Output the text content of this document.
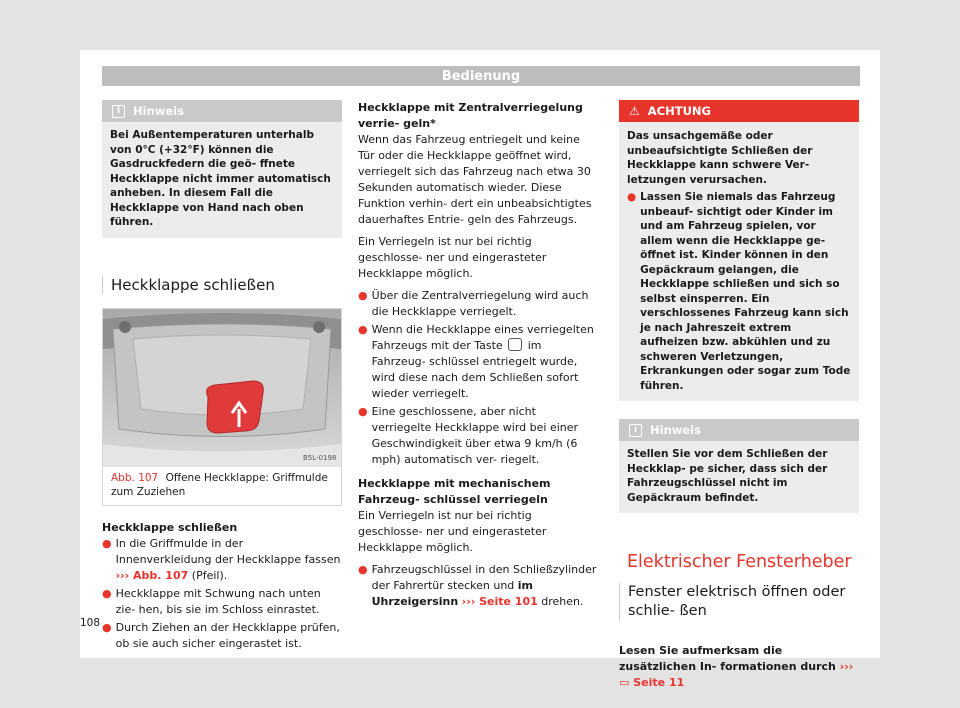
Bedienung
i	Hinweis
Bei Außentemperaturen unterhalb von 0°C (+32°F) können die Gasdruckfedern die geö- ffnete Heckklappe nicht immer automatisch anheben. In diesem Fall die Heckklappe von Hand nach oben führen.
Heckklappe schließen
B5L-0198
Abb. 107 Offene Heckklappe: Griffmulde zum Zuziehen
Heckklappe schließen
● In die Griffmulde in der Innenverkleidung der Heckklappe fassen ››› Abb. 107 (Pfeil).
● Heckklappe mit Schwung nach unten zie- hen, bis sie im Schloss einrastet.
● Durch Ziehen an der Heckklappe prüfen, ob sie auch sicher eingerastet ist.
Heckklappe mit Zentralverriegelung verrie- geln*

Wenn das Fahrzeug entriegelt und keine Tür oder die Heckklappe geöffnet wird, verriegelt sich das Fahrzeug nach etwa 30 Sekunden automatisch wieder. Diese Funktion verhin- dert ein unbeabsichtigtes dauerhaftes Entrie- geln des Fahrzeugs.

Ein Verriegeln ist nur bei richtig geschlosse- ner und eingerasteter Heckklappe möglich.

● Über die Zentralverriegelung wird auch die Heckklappe verriegelt.
● Wenn die Heckklappe eines verriegelten Fahrzeugs mit der Taste im Fahrzeug- schlüssel entriegelt wurde, wird diese nach dem Schließen sofort wieder verriegelt.
● Eine geschlossene, aber nicht verriegelte Heckklappe wird bei einer Geschwindigkeit über etwa 9 km/h (6 mph) automatisch ver- riegelt.
Heckklappe mit mechanischem Fahrzeug- schlüssel verriegeln

Ein Verriegeln ist nur bei richtig geschlosse- ner und eingerasteter Heckklappe möglich.

● Fahrzeugschlüssel in den Schließzylinder der Fahrertür stecken und im Uhrzeigersinn ››› Seite 101 drehen.
⚠ ACHTUNG
Das unsachgemäße oder unbeaufsichtigte Schließen der Heckklappe kann schwere Ver- letzungen verursachen.
● Lassen Sie niemals das Fahrzeug unbeauf- sichtigt oder Kinder im und am Fahrzeug spielen, vor allem wenn die Heckklappe ge- öffnet ist. Kinder können in den Gepäckraum gelangen, die Heckklappe schließen und sich so selbst einsperren. Ein verschlossenes Fahrzeug kann sich je nach Jahreszeit extrem aufheizen bzw. abkühlen und zu schweren Verletzungen, Erkrankungen oder sogar zum Tode führen.
i	Hinweis
Stellen Sie vor dem Schließen der Heckklap- pe sicher, dass sich der Fahrzeugschlüssel nicht im Gepäckraum befindet.
Elektrischer Fensterheber
Fenster elektrisch öffnen oder schlie- ßen
Lesen Sie aufmerksam die zusätzlichen In- formationen durch ››› ▭ Seite 11
108
